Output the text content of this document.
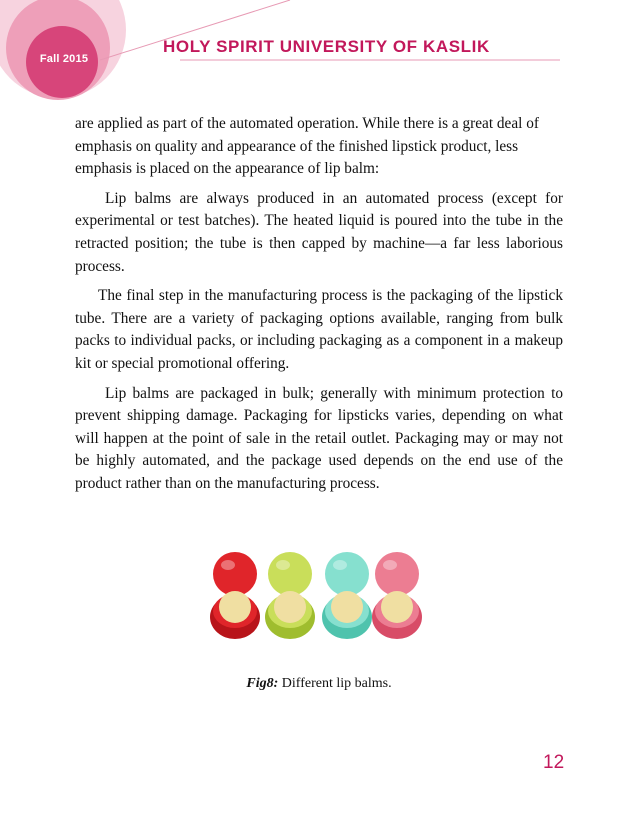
Fall 2015
HOLY SPIRIT UNIVERSITY OF KASLIK

are applied as part of the automated operation. While there is a great deal of emphasis on quality and appearance of the finished lipstick product, less emphasis is placed on the appearance of lip balm:

Lip balms are always produced in an automated process (except for experimental or test batches). The heated liquid is poured into the tube in the retracted position; the tube is then capped by machine—a far less laborious process.

The final step in the manufacturing process is the packaging of the lipstick tube. There are a variety of packaging options available, ranging from bulk packs to individual packs, or including packaging as a component in a makeup kit or special promotional offering.

Lip balms are packaged in bulk; generally with minimum protection to prevent shipping damage. Packaging for lipsticks varies, depending on what will happen at the point of sale in the retail outlet. Packaging may or may not be highly automated, and the package used depends on the end use of the product rather than on the manufacturing process.

Fig8: Different lip balms.
12
